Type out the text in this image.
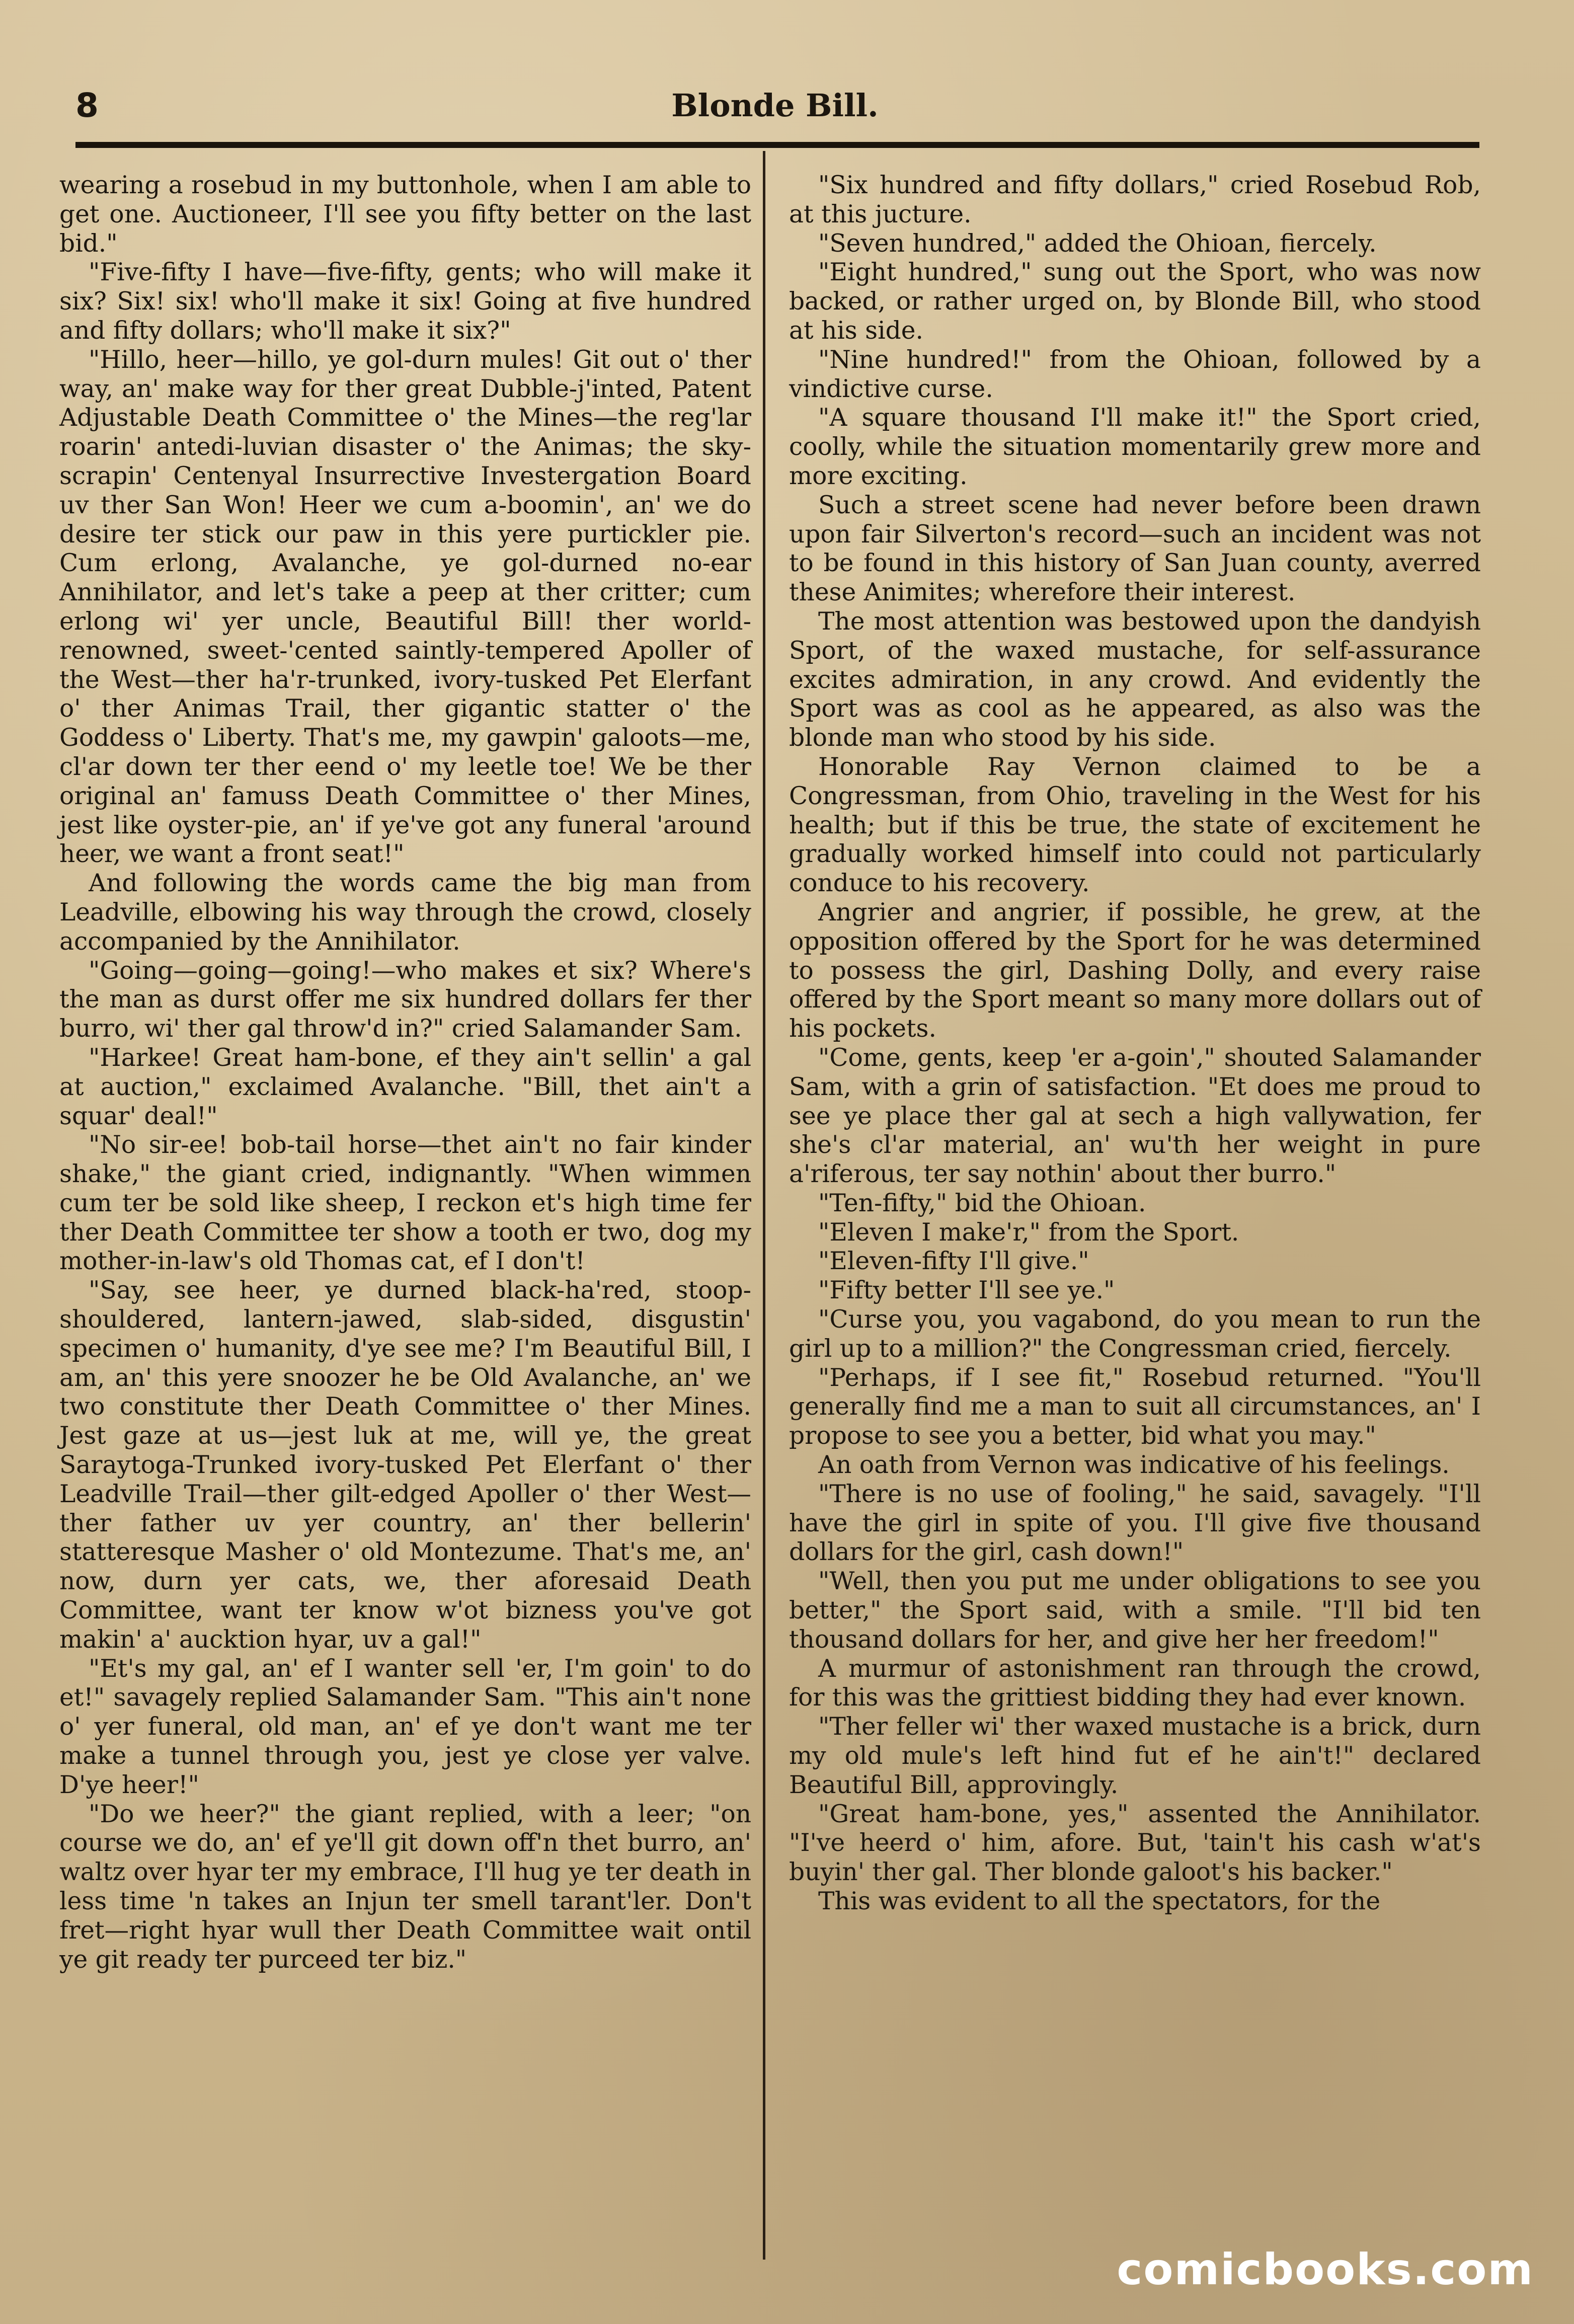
8	Blonde Bill.

wearing a rosebud in my buttonhole, when I am able to get one. Auctioneer, I'll see you fifty better on the last bid."

"Five-fifty I have—five-fifty, gents; who will make it six? Six! six! who'll make it six! Going at five hundred and fifty dollars; who'll make it six?"

"Hillo, heer—hillo, ye gol-durn mules! Git out o' ther way, an' make way for ther great Dubble-j'inted, Patent Adjustable Death Committee o' the Mines—the reg'lar roarin' antedi-luvian disaster o' the Animas; the sky-scrapin' Centenyal Insurrective Investergation Board uv ther San Won! Heer we cum a-boomin', an' we do desire ter stick our paw in this yere purtickler pie. Cum erlong, Avalanche, ye gol-durned no-ear Annihilator, and let's take a peep at ther critter; cum erlong wi' yer uncle, Beautiful Bill! ther world-renowned, sweet-'cented saintly-tempered Apoller of the West—ther ha'r-trunked, ivory-tusked Pet Elerfant o' ther Animas Trail, ther gigantic statter o' the Goddess o' Liberty. That's me, my gawpin' galoots—me, cl'ar down ter ther eend o' my leetle toe! We be ther original an' famuss Death Committee o' ther Mines, jest like oyster-pie, an' if ye've got any funeral 'around heer, we want a front seat!"

And following the words came the big man from Leadville, elbowing his way through the crowd, closely accompanied by the Annihilator.

"Going—going—going!—who makes et six? Where's the man as durst offer me six hundred dollars fer ther burro, wi' ther gal throw'd in?" cried Salamander Sam.

"Harkee! Great ham-bone, ef they ain't sellin' a gal at auction," exclaimed Avalanche. "Bill, thet ain't a squar' deal!"

"No sir-ee! bob-tail horse—thet ain't no fair kinder shake," the giant cried, indignantly. "When wimmen cum ter be sold like sheep, I reckon et's high time fer ther Death Committee ter show a tooth er two, dog my mother-in-law's old Thomas cat, ef I don't!

"Say, see heer, ye durned black-ha'red, stoop-shouldered, lantern-jawed, slab-sided, disgustin' specimen o' humanity, d'ye see me? I'm Beautiful Bill, I am, an' this yere snoozer he be Old Avalanche, an' we two constitute ther Death Committee o' ther Mines. Jest gaze at us—jest luk at me, will ye, the great Saraytoga-Trunked ivory-tusked Pet Elerfant o' ther Leadville Trail—ther gilt-edged Apoller o' ther West—ther father uv yer country, an' ther bellerin' statteresque Masher o' old Montezume. That's me, an' now, durn yer cats, we, ther aforesaid Death Committee, want ter know w'ot bizness you've got makin' a' aucktion hyar, uv a gal!"

"Et's my gal, an' ef I wanter sell 'er, I'm goin' to do et!" savagely replied Salamander Sam. "This ain't none o' yer funeral, old man, an' ef ye don't want me ter make a tunnel through you, jest ye close yer valve. D'ye heer!"

"Do we heer?" the giant replied, with a leer; "on course we do, an' ef ye'll git down off'n thet burro, an' waltz over hyar ter my embrace, I'll hug ye ter death in less time 'n takes an Injun ter smell tarant'ler. Don't fret—right hyar wull ther Death Committee wait ontil ye git ready ter purceed ter biz."

"Six hundred and fifty dollars," cried Rosebud Rob, at this jucture.

"Seven hundred," added the Ohioan, fiercely.

"Eight hundred," sung out the Sport, who was now backed, or rather urged on, by Blonde Bill, who stood at his side.

"Nine hundred!" from the Ohioan, followed by a vindictive curse.

"A square thousand I'll make it!" the Sport cried, coolly, while the situation momentarily grew more and more exciting.

Such a street scene had never before been drawn upon fair Silverton's record—such an incident was not to be found in this history of San Juan county, averred these Animites; wherefore their interest.

The most attention was bestowed upon the dandyish Sport, of the waxed mustache, for self-assurance excites admiration, in any crowd. And evidently the Sport was as cool as he appeared, as also was the blonde man who stood by his side.

Honorable Ray Vernon claimed to be a Congressman, from Ohio, traveling in the West for his health; but if this be true, the state of excitement he gradually worked himself into could not particularly conduce to his recovery.

Angrier and angrier, if possible, he grew, at the opposition offered by the Sport for he was determined to possess the girl, Dashing Dolly, and every raise offered by the Sport meant so many more dollars out of his pockets.

"Come, gents, keep 'er a-goin'," shouted Salamander Sam, with a grin of satisfaction. "Et does me proud to see ye place ther gal at sech a high vallywation, fer she's cl'ar material, an' wu'th her weight in pure a'riferous, ter say nothin' about ther burro."

"Ten-fifty," bid the Ohioan.

"Eleven I make'r," from the Sport.

"Eleven-fifty I'll give."

"Fifty better I'll see ye."

"Curse you, you vagabond, do you mean to run the girl up to a million?" the Congressman cried, fiercely.

"Perhaps, if I see fit," Rosebud returned. "You'll generally find me a man to suit all circumstances, an' I propose to see you a better, bid what you may."

An oath from Vernon was indicative of his feelings.

"There is no use of fooling," he said, savagely. "I'll have the girl in spite of you. I'll give five thousand dollars for the girl, cash down!"

"Well, then you put me under obligations to see you better," the Sport said, with a smile. "I'll bid ten thousand dollars for her, and give her her freedom!"

A murmur of astonishment ran through the crowd, for this was the grittiest bidding they had ever known.

"Ther feller wi' ther waxed mustache is a brick, durn my old mule's left hind fut ef he ain't!" declared Beautiful Bill, approvingly.

"Great ham-bone, yes," assented the Annihilator. "I've heerd o' him, afore. But, 'tain't his cash w'at's buyin' ther gal. Ther blonde galoot's his backer."

This was evident to all the spectators, for the

comicbooks.com
